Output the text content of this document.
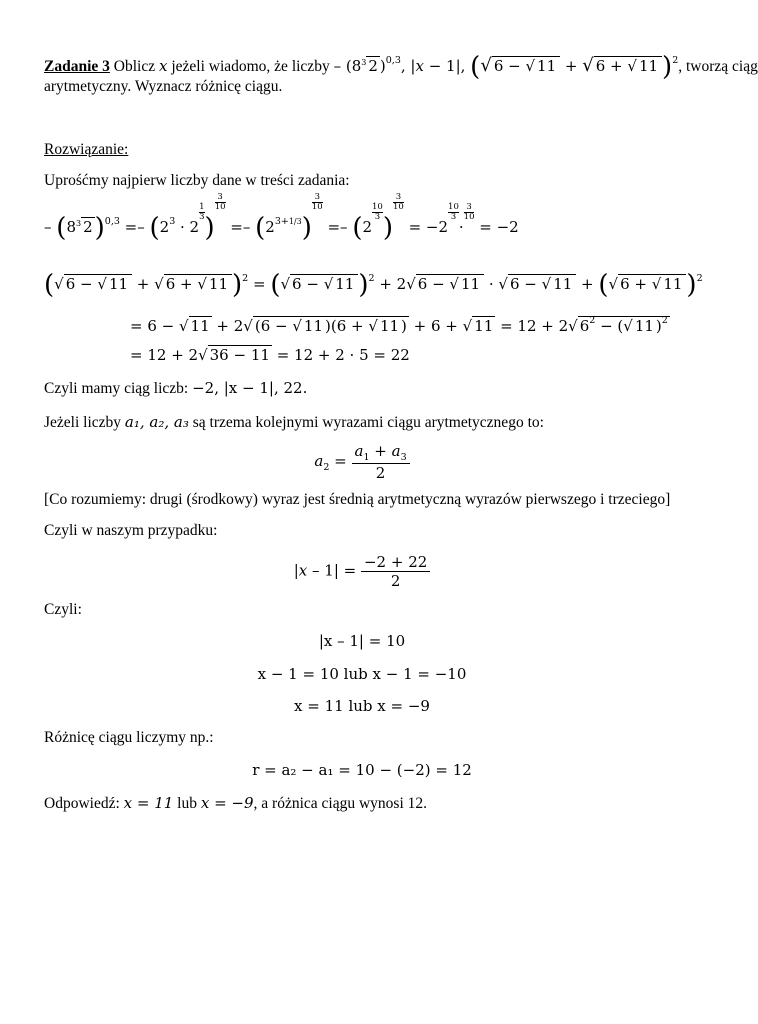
Zadanie 3 Oblicz x jeżeli wiadomo, że liczby – ($8^3$ 2 )$^{0,3}$, |x − 1|, (√ 6 − √ 11 + √ 6 + √ 11 )$^2$, tworzą ciąg
arytmetyczny. Wyznacz różnicę ciągu.
Rozwiązanie:
Uprośćmy najpierw liczby dane w treści zadania:
– ($8^3$ $2)^{0,3} =- (2^3 \cdot 2$
$\frac{1}{3}$
)
$\frac{3}{10}$
=– $(2^{3+1/3})$
$\frac{3}{10}$
=– (2
$\frac{10}{3}$
)
$\frac{3}{10}$
= −2
$\frac{10}{3}$
·
$\frac{3}{10}$
= −2
(√ 6 − √ 11 + √ 6 + √ 11 )$^2$ = (√ 6 − √ 11 )$^2$ + 2√ 6 − √ 11 · √ 6 − √ 11 + (√ 6 + √ 11 )$^2$
= 6 − √ 11 + 2√ (6 − √ 11 )(6 + √ 11 ) + 6 + √ 11 = 12 + 2√ $6^2$ − (√ 11 )$^2$
= 12 + 2√ 36 − 11 = 12 + 2 · 5 = 22
Czyli mamy ciąg liczb: −2, |x − 1|, 22.
Jeżeli liczby a₁, a₂, a₃ są trzema kolejnymi wyrazami ciągu arytmetycznego to:
$a_2 = \frac{a_1 + a_3}{2}$
[Co rozumiemy: drugi (środkowy) wyraz jest średnią arytmetyczną wyrazów pierwszego i trzeciego]
Czyli w naszym przypadku:
$|x - 1| = \frac{-2 + 22}{2}$
Czyli:
|x – 1| = 10
x − 1 = 10 lub x − 1 = −10
x = 11 lub x = −9
Różnicę ciągu liczymy np.:
r = a₂ − a₁ = 10 − (−2) = 12
Odpowiedź: x = 11 lub x = −9, a różnica ciągu wynosi 12.
